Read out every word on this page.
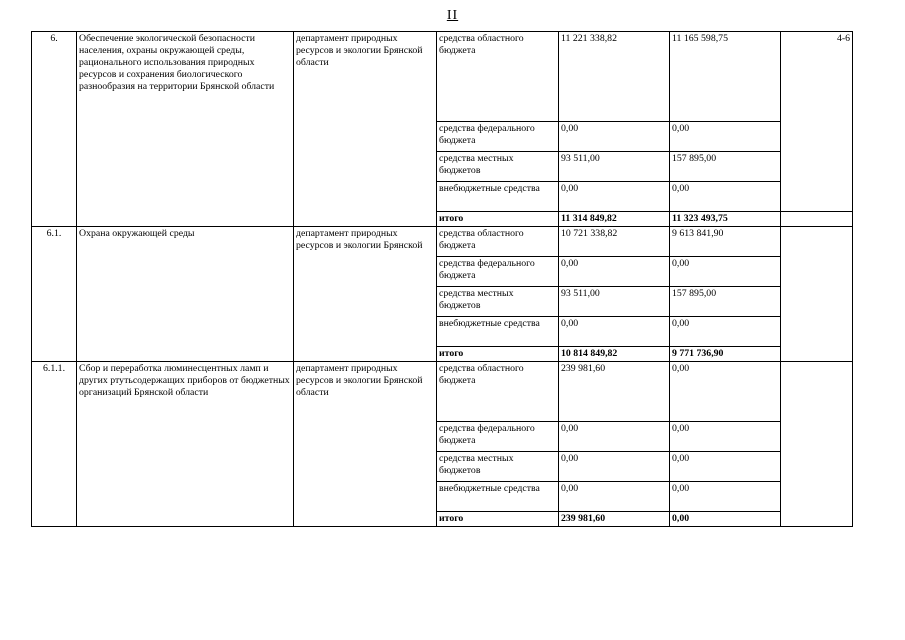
II
6.	Обеспечение экологической безопасности населения, охраны окружающей среды, рационального использования природных ресурсов и сохранения биологического разнообразия на территории Брянской области	департамент природных ресурсов и экологии Брянской области	средства областного бюджета	11 221 338,82	11 165 598,75	4-6
			средства федерального бюджета	0,00	0,00	
			средства местных бюджетов	93 511,00	157 895,00	
			внебюджетные средства	0,00	0,00	
			итого	11 314 849,82	11 323 493,75	
6.1.	Охрана окружающей среды	департамент природных ресурсов и экологии Брянской	средства областного бюджета	10 721 338,82	9 613 841,90	
			средства федерального бюджета	0,00	0,00	
			средства местных бюджетов	93 511,00	157 895,00	
			внебюджетные средства	0,00	0,00	
			итого	10 814 849,82	9 771 736,90	
6.1.1.	Сбор и переработка люминесцентных ламп и других ртутьсодержащих приборов от бюджетных организаций Брянской области	департамент природных ресурсов и экологии Брянской области	средства областного бюджета	239 981,60	0,00	
			средства федерального бюджета	0,00	0,00	
			средства местных бюджетов	0,00	0,00	
			внебюджетные средства	0,00	0,00	
			итого	239 981,60	0,00	
